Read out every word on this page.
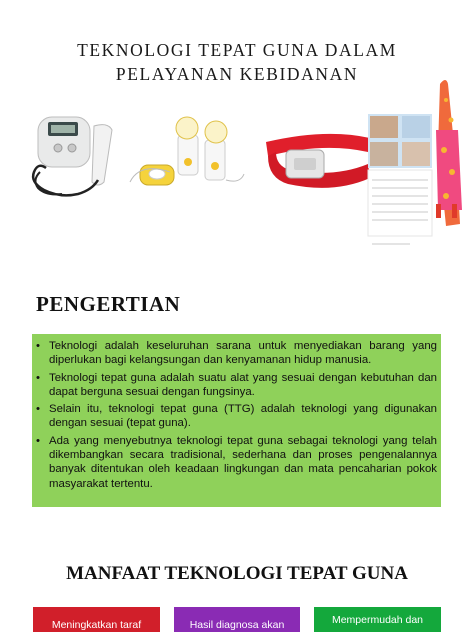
TEKNOLOGI TEPAT GUNA DALAM
PELAYANAN KEBIDANAN
PENGERTIAN
• Teknologi adalah keseluruhan sarana untuk menyediakan barang yang diperlukan bagi kelangsungan dan kenyamanan hidup manusia.
• Teknologi tepat guna adalah suatu alat yang sesuai dengan kebutuhan dan dapat berguna sesuai dengan fungsinya.
• Selain itu, teknologi tepat guna (TTG) adalah teknologi yang digunakan dengan sesuai (tepat guna).
• Ada yang menyebutnya teknologi tepat guna sebagai teknologi yang telah dikembangkan secara tradisional, sederhana dan proses pengenalannya banyak ditentukan oleh keadaan lingkungan dan mata pencaharian pokok masyarakat tertentu.
MANFAAT TEKNOLOGI TEPAT GUNA
Meningkatkan taraf	Hasil diagnosa akan	Mempermudah dan
